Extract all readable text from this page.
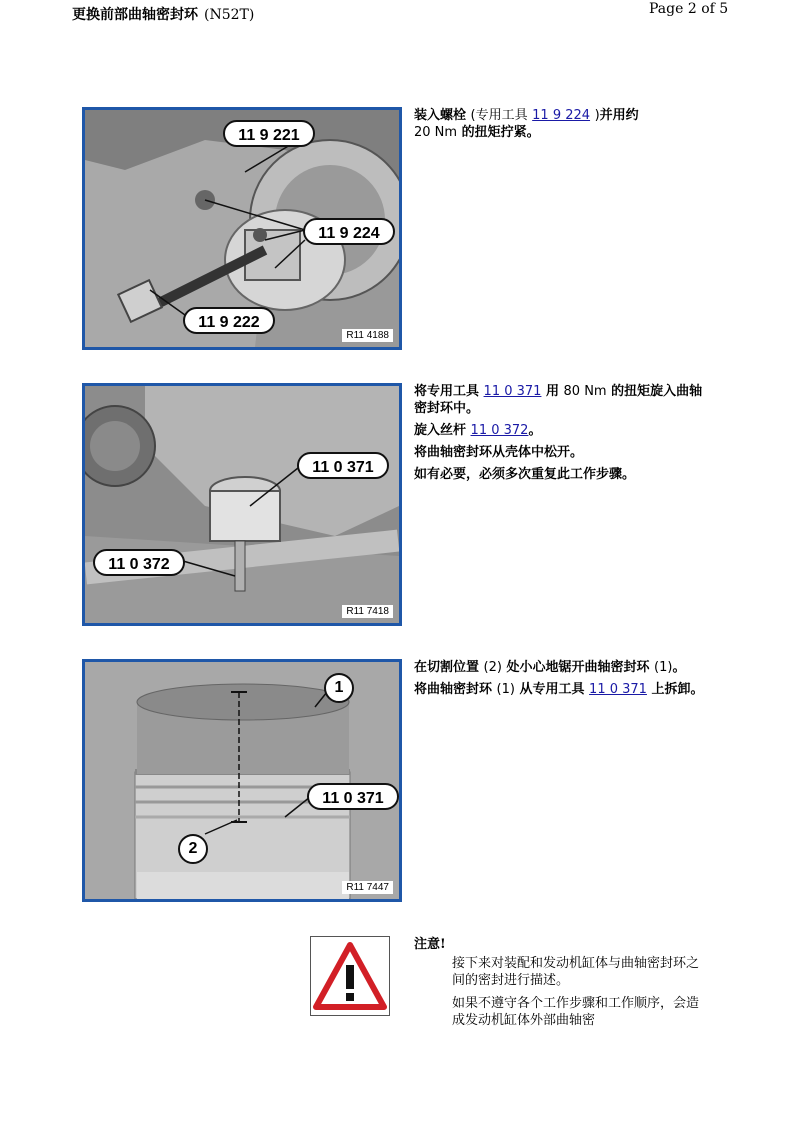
更换前部曲轴密封环 (N52T)	Page 2 of 5
11 9 221
11 9 224
11 9 222
R11 4188

装入螺栓 (专用工具 11 9 224 )并用约
20 Nm 的扭矩拧紧。

11 0 371
11 0 372
R11 7418

将专用工具 11 0 371 用 80 Nm 的扭矩旋入曲轴密封环中。

旋入丝杆 11 0 372。

将曲轴密封环从壳体中松开。

如有必要，必须多次重复此工作步骤。

1
11 0 371
2
R11 7447

在切割位置 (2) 处小心地锯开曲轴密封环 (1)。

将曲轴密封环 (1) 从专用工具 11 0 371 上拆卸。

注意!

接下来对装配和发动机缸体与曲轴密封环之间的密封进行描述。

如果不遵守各个工作步骤和工作顺序，会造成发动机缸体外部曲轴密
